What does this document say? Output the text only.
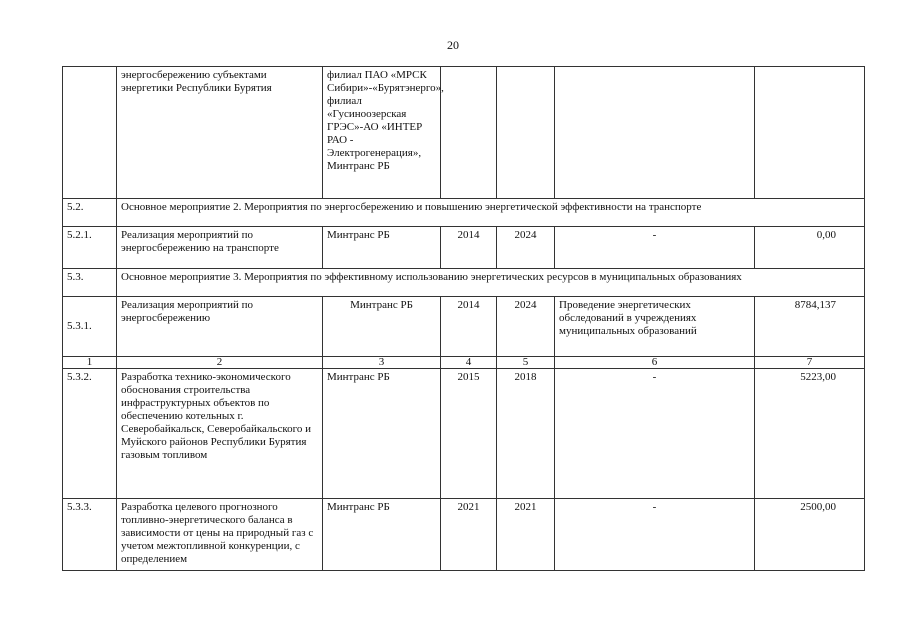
20
	энергосбережению субъектами энергетики Республики Бурятия	филиал ПАО «МРСК Сибири»-«Бурятэнерго», филиал «Гусиноозерская ГРЭС»-АО «ИНТЕР РАО - Электрогенерация», Минтранс РБ				
5.2.	Основное мероприятие 2. Мероприятия по энергосбережению и повышению энергетической эффективности на транспорте					
5.2.1.	Реализация мероприятий по энергосбережению на транспорте	Минтранс РБ	2014	2024	-	0,00
5.3.	Основное мероприятие 3. Мероприятия по эффективному использованию энергетических ресурсов в муниципальных образованиях					
5.3.1.	Реализация мероприятий по энергосбережению	Минтранс РБ	2014	2024	Проведение энергетических обследований в учреждениях муниципальных образований	8784,137
1	2	3	4	5	6	7
5.3.2.	Разработка технико-экономического обоснования строительства инфраструктурных объектов по обеспечению котельных г. Северобайкальск, Северобайкальского и Муйского районов Республики Бурятия газовым топливом	Минтранс РБ	2015	2018	-	5223,00
5.3.3.	Разработка целевого прогнозного топливно-энергетического баланса в зависимости от цены на природный газ с учетом межтопливной конкуренции, с определением	Минтранс РБ	2021	2021	-	2500,00
